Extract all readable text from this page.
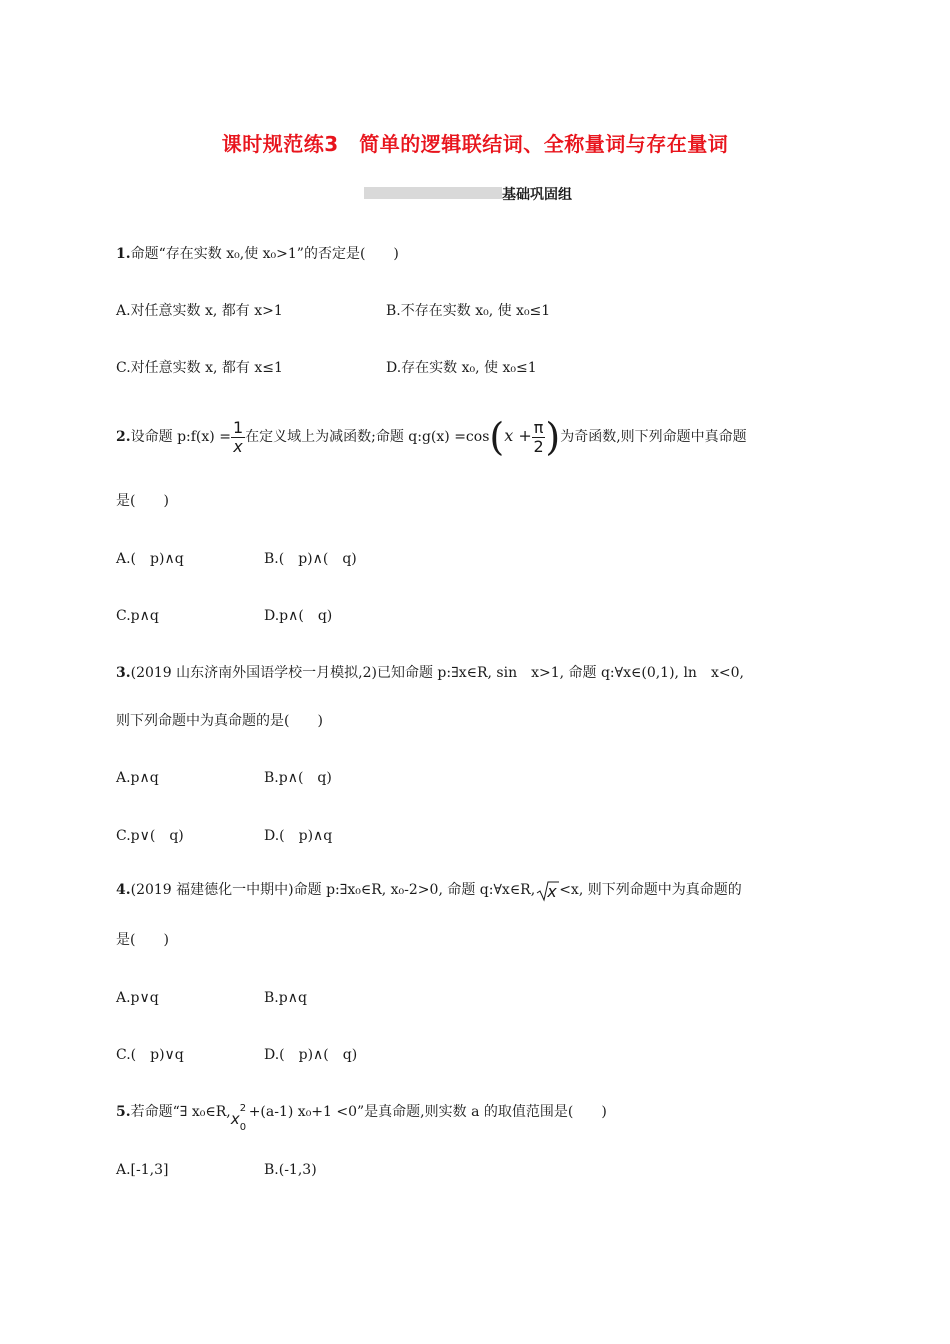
课时规范练3　简单的逻辑联结词、全称量词与存在量词
基础巩固组
1.命题“存在实数 x₀,使 x₀>1”的否定是(　　)
A.对任意实数 x, 都有 x>1	B.不存在实数 x₀, 使 x₀≤1
C.对任意实数 x, 都有 x≤1	D.存在实数 x₀, 使 x₀≤1
2.设命题 p:f(x) = $\frac{1}{x}$ 在定义域上为减函数;命题 q:g(x) $=\cos(x + \frac{\pi}{2}$ )为奇函数,则下列命题中真命题
是(　　)
A.(　p)∧q	B.(　p)∧(　q)
C.p∧q	D.p∧(　q)
3.(2019 山东济南外国语学校一月模拟,2)已知命题 p:∃x∈R, sin　x>1, 命题 q:∀x∈(0,1), ln　x<0,
则下列命题中为真命题的是(　　)
A.p∧q	B.p∧(　q)
C.p∨(　q)	D.(　p)∧q
4.(2019 福建德化一中期中)命题 p:∃x₀∈R, x₀-2>0, 命题 q:∀x∈R, x <x, 则下列命题中为真命题的
是(　　)
A.p∨q	B.p∧q
C.(　p)∨q	D.(　p)∧(　q)
5.若命题“∃ x₀∈R, x
2
0
+(a-1) x₀+1 <0”是真命题,则实数 a 的取值范围是(　　)
A.[-1,3]	B.(-1,3)
